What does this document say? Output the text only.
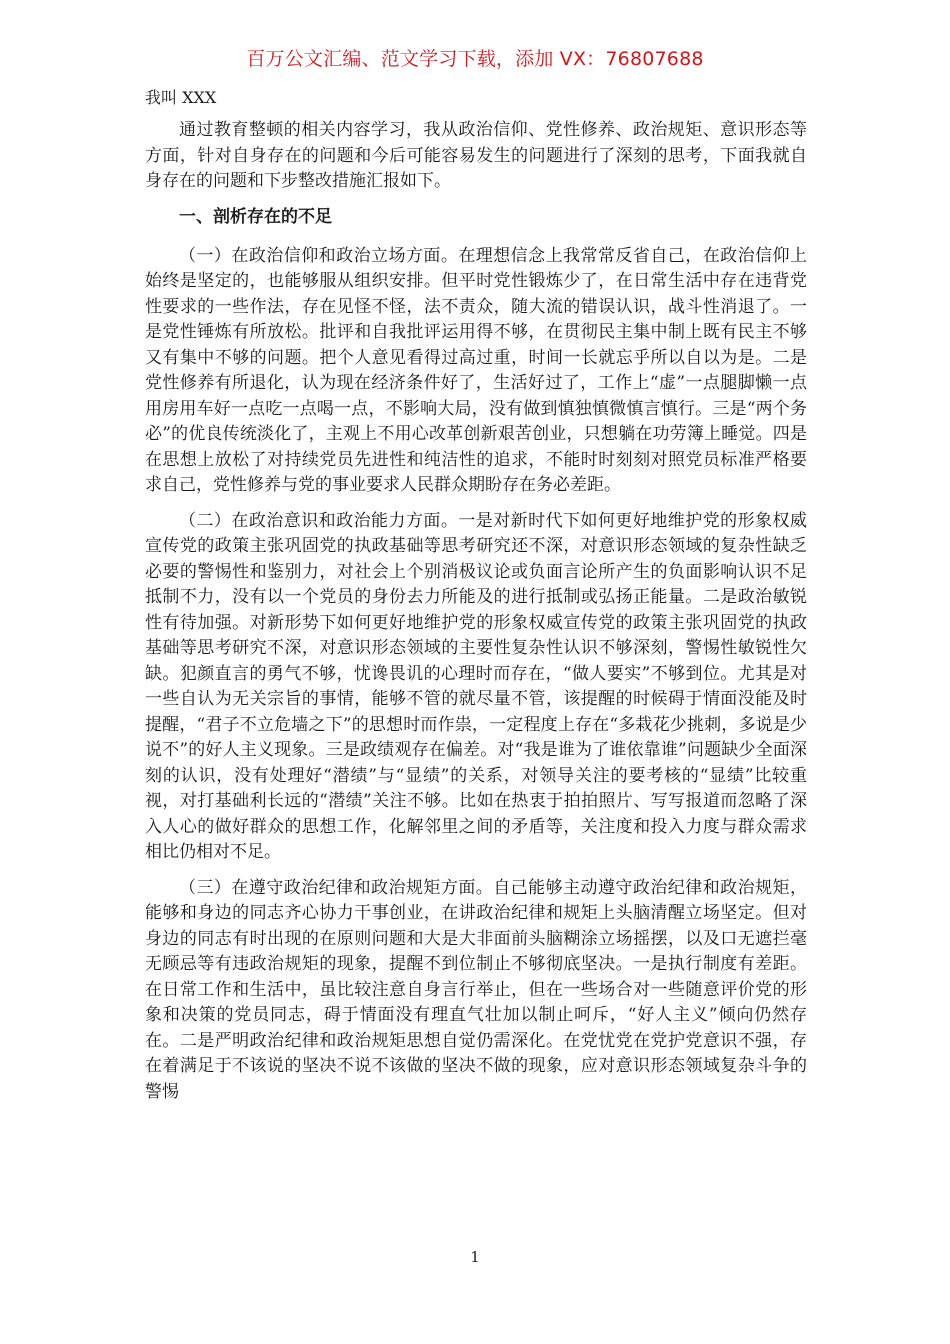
百万公文汇编、范文学习下载，添加 VX：76807688
我叫 XXX

通过教育整顿的相关内容学习，我从政治信仰、党性修养、政治规矩、意识形态等方面，针对自身存在的问题和今后可能容易发生的问题进行了深刻的思考，下面我就自身存在的问题和下步整改措施汇报如下。

一、剖析存在的不足

（一）在政治信仰和政治立场方面。在理想信念上我常常反省自己，在政治信仰上始终是坚定的，也能够服从组织安排。但平时党性锻炼少了，在日常生活中存在违背党性要求的一些作法，存在见怪不怪，法不责众，随大流的错误认识，战斗性消退了。一是党性锤炼有所放松。批评和自我批评运用得不够，在贯彻民主集中制上既有民主不够又有集中不够的问题。把个人意见看得过高过重，时间一长就忘乎所以自以为是。二是党性修养有所退化，认为现在经济条件好了，生活好过了，工作上“虚”一点腿脚懒一点用房用车好一点吃一点喝一点，不影响大局，没有做到慎独慎微慎言慎行。三是“两个务必”的优良传统淡化了，主观上不用心改革创新艰苦创业，只想躺在功劳簿上睡觉。四是在思想上放松了对持续党员先进性和纯洁性的追求，不能时时刻刻对照党员标准严格要求自己，党性修养与党的事业要求人民群众期盼存在务必差距。

（二）在政治意识和政治能力方面。一是对新时代下如何更好地维护党的形象权威宣传党的政策主张巩固党的执政基础等思考研究还不深，对意识形态领域的复杂性缺乏必要的警惕性和鉴别力，对社会上个别消极议论或负面言论所产生的负面影响认识不足抵制不力，没有以一个党员的身份去力所能及的进行抵制或弘扬正能量。二是政治敏锐性有待加强。对新形势下如何更好地维护党的形象权威宣传党的政策主张巩固党的执政基础等思考研究不深，对意识形态领域的主要性复杂性认识不够深刻，警惕性敏锐性欠缺。犯颜直言的勇气不够，忧谗畏讥的心理时而存在，“做人要实”不够到位。尤其是对一些自认为无关宗旨的事情，能够不管的就尽量不管，该提醒的时候碍于情面没能及时提醒，“君子不立危墙之下”的思想时而作祟，一定程度上存在“多栽花少挑刺，多说是少说不”的好人主义现象。三是政绩观存在偏差。对“我是谁为了谁依靠谁”问题缺少全面深刻的认识，没有处理好“潜绩”与“显绩”的关系，对领导关注的要考核的“显绩”比较重视，对打基础利长远的“潜绩”关注不够。比如在热衷于拍拍照片、写写报道而忽略了深入人心的做好群众的思想工作，化解邻里之间的矛盾等，关注度和投入力度与群众需求相比仍相对不足。

（三）在遵守政治纪律和政治规矩方面。自己能够主动遵守政治纪律和政治规矩，能够和身边的同志齐心协力干事创业，在讲政治纪律和规矩上头脑清醒立场坚定。但对身边的同志有时出现的在原则问题和大是大非面前头脑糊涂立场摇摆，以及口无遮拦毫无顾忌等有违政治规矩的现象，提醒不到位制止不够彻底坚决。一是执行制度有差距。在日常工作和生活中，虽比较注意自身言行举止，但在一些场合对一些随意评价党的形象和决策的党员同志，碍于情面没有理直气壮加以制止呵斥，“好人主义”倾向仍然存在。二是严明政治纪律和政治规矩思想自觉仍需深化。在党忧党在党护党意识不强，存在着满足于不该说的坚决不说不该做的坚决不做的现象，应对意识形态领域复杂斗争的警惕

1
